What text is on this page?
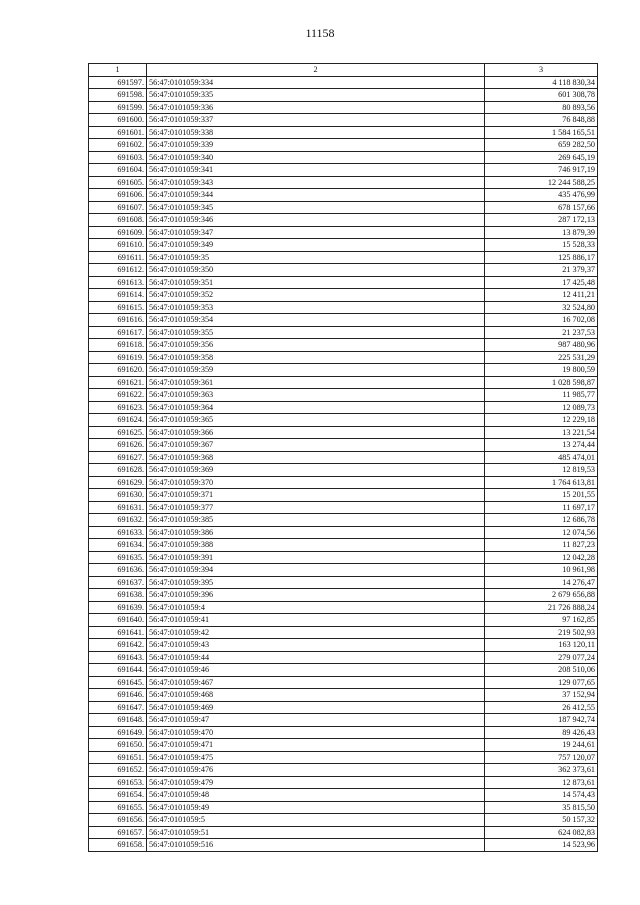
11158
1	2	3
691597.	56:47:0101059:334	4 118 830,34
691598.	56:47:0101059:335	601 308,78
691599.	56:47:0101059:336	80 893,56
691600.	56:47:0101059:337	76 848,88
691601.	56:47:0101059:338	1 584 165,51
691602.	56:47:0101059:339	659 282,50
691603.	56:47:0101059:340	269 645,19
691604.	56:47:0101059:341	746 917,19
691605.	56:47:0101059:343	12 244 588,25
691606.	56:47:0101059:344	435 476,99
691607.	56:47:0101059:345	678 157,66
691608.	56:47:0101059:346	287 172,13
691609.	56:47:0101059:347	13 879,39
691610.	56:47:0101059:349	15 528,33
691611.	56:47:0101059:35	125 886,17
691612.	56:47:0101059:350	21 379,37
691613.	56:47:0101059:351	17 425,48
691614.	56:47:0101059:352	12 411,21
691615.	56:47:0101059:353	32 524,80
691616.	56:47:0101059:354	16 702,08
691617.	56:47:0101059:355	21 237,53
691618.	56:47:0101059:356	987 480,96
691619.	56:47:0101059:358	225 531,29
691620.	56:47:0101059:359	19 800,59
691621.	56:47:0101059:361	1 028 598,87
691622.	56:47:0101059:363	11 985,77
691623.	56:47:0101059:364	12 089,73
691624.	56:47:0101059:365	12 229,18
691625.	56:47:0101059:366	13 221,54
691626.	56:47:0101059:367	13 274,44
691627.	56:47:0101059:368	485 474,01
691628.	56:47:0101059:369	12 819,53
691629.	56:47:0101059:370	1 764 613,81
691630.	56:47:0101059:371	15 201,55
691631.	56:47:0101059:377	11 697,17
691632.	56:47:0101059:385	12 686,78
691633.	56:47:0101059:386	12 074,56
691634.	56:47:0101059:388	11 827,23
691635.	56:47:0101059:391	12 042,28
691636.	56:47:0101059:394	10 961,98
691637.	56:47:0101059:395	14 276,47
691638.	56:47:0101059:396	2 679 656,88
691639.	56:47:0101059:4	21 726 888,24
691640.	56:47:0101059:41	97 162,85
691641.	56:47:0101059:42	219 502,93
691642.	56:47:0101059:43	163 120,11
691643.	56:47:0101059:44	279 077,24
691644.	56:47:0101059:46	208 510,06
691645.	56:47:0101059:467	129 077,65
691646.	56:47:0101059:468	37 152,94
691647.	56:47:0101059:469	26 412,55
691648.	56:47:0101059:47	187 942,74
691649.	56:47:0101059:470	89 426,43
691650.	56:47:0101059:471	19 244,61
691651.	56:47:0101059:475	757 120,07
691652.	56:47:0101059:476	362 373,61
691653.	56:47:0101059:479	12 873,61
691654.	56:47:0101059:48	14 574,43
691655.	56:47:0101059:49	35 815,50
691656.	56:47:0101059:5	50 157,32
691657.	56:47:0101059:51	624 082,83
691658.	56:47:0101059:516	14 523,96
